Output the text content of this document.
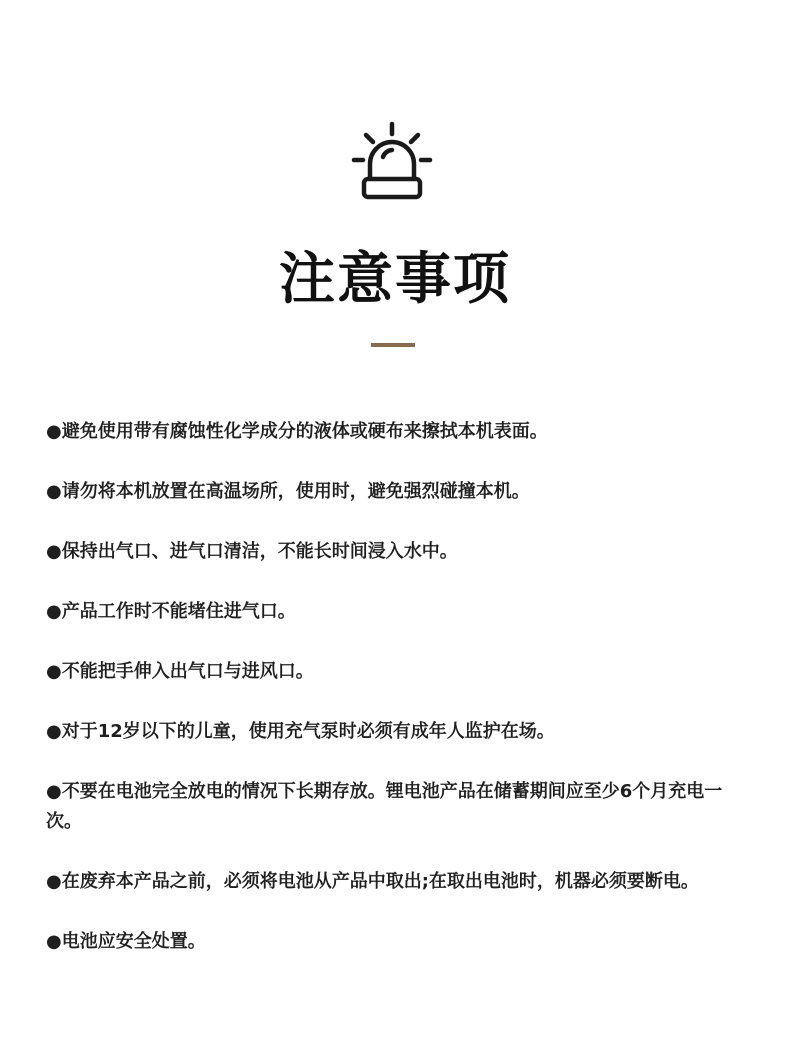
注意事项
●避免使用带有腐蚀性化学成分的液体或硬布来擦拭本机表面。
●请勿将本机放置在高温场所，使用时，避免强烈碰撞本机。
●保持出气口、进气口清洁，不能长时间浸入水中。
●产品工作时不能堵住进气口。
●不能把手伸入出气口与进风口。
●对于12岁以下的儿童，使用充气泵时必须有成年人监护在场。
●不要在电池完全放电的情况下长期存放。锂电池产品在储蓄期间应至少6个月充电一次。
●在废弃本产品之前，必须将电池从产品中取出;在取出电池时，机器必须要断电。
●电池应安全处置。
